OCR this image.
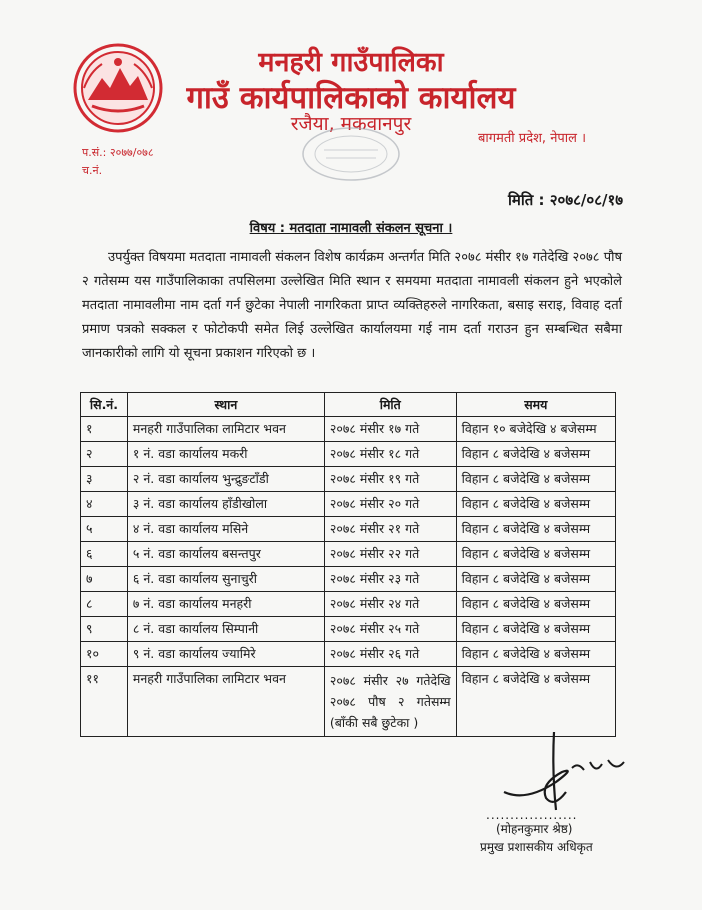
मनहरी गाउँपालिका
गाउँ कार्यपालिकाको कार्यालय
रजैया, मकवानपुर
बागमती प्रदेश, नेपाल ।
प.सं.: २०७७/०७८
च.नं.
मिति : २०७८/०८/१७
विषय : मतदाता नामावली संकलन सूचना ।
उपर्युक्त विषयमा मतदाता नामावली संकलन विशेष कार्यक्रम अन्तर्गत मिति २०७८ मंसीर १७ गतेदेखि २०७८ पौष २ गतेसम्म यस गाउँपालिकाका तपसिलमा उल्लेखित मिति स्थान र समयमा मतदाता नामावली संकलन हुने भएकोले मतदाता नामावलीमा नाम दर्ता गर्न छुटेका नेपाली नागरिकता प्राप्त व्यक्तिहरुले नागरिकता, बसाइ सराइ, विवाह दर्ता प्रमाण पत्रको सक्कल र फोटोकपी समेत लिई उल्लेखित कार्यालयमा गई नाम दर्ता गराउन हुन सम्बन्धित सबैमा जानकारीको लागि यो सूचना प्रकाशन गरिएको छ ।
सि.नं.	स्थान	मिति	समय
१	मनहरी गाउँपालिका लामिटार भवन	२०७८ मंसीर १७ गते	विहान १० बजेदेखि ४ बजेसम्म
२	१ नं. वडा कार्यालय मकरी	२०७८ मंसीर १८ गते	विहान ८ बजेदेखि ४ बजेसम्म
३	२ नं. वडा कार्यालय भुन्द्रुङटाँडी	२०७८ मंसीर १९ गते	विहान ८ बजेदेखि ४ बजेसम्म
४	३ नं. वडा कार्यालय हाँडीखोला	२०७८ मंसीर २० गते	विहान ८ बजेदेखि ४ बजेसम्म
५	४ नं. वडा कार्यालय मसिने	२०७८ मंसीर २१ गते	विहान ८ बजेदेखि ४ बजेसम्म
६	५ नं. वडा कार्यालय बसन्तपुर	२०७८ मंसीर २२ गते	विहान ८ बजेदेखि ४ बजेसम्म
७	६ नं. वडा कार्यालय सुनाचुरी	२०७८ मंसीर २३ गते	विहान ८ बजेदेखि ४ बजेसम्म
८	७ नं. वडा कार्यालय मनहरी	२०७८ मंसीर २४ गते	विहान ८ बजेदेखि ४ बजेसम्म
९	८ नं. वडा कार्यालय सिम्पानी	२०७८ मंसीर २५ गते	विहान ८ बजेदेखि ४ बजेसम्म
१०	९ नं. वडा कार्यालय ज्यामिरे	२०७८ मंसीर २६ गते	विहान ८ बजेदेखि ४ बजेसम्म
११	मनहरी गाउँपालिका लामिटार भवन	२०७८ मंसीर २७ गतेदेखि २०७८ पौष २ गतेसम्म (बाँकी सबै छुटेका )	विहान ८ बजेदेखि ४ बजेसम्म
...................
(मोहनकुमार श्रेष्ठ)
प्रमुख प्रशासकीय अधिकृत
